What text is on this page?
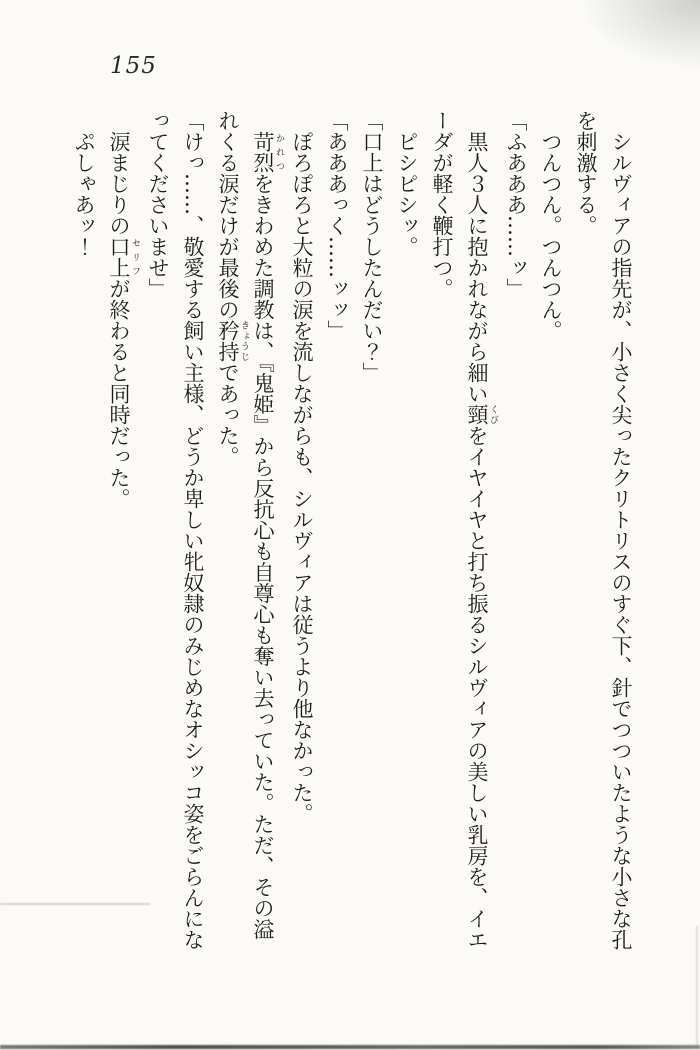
155

シルヴィアの指先が、小さく尖ったクリトリスのすぐ下、針でつついたような小さな孔を刺激する。

つんつん。つんつん。

「ふあああ……ッ」

黒人３人に抱かれながら細い頸 くびをイヤイヤと打ち振るシルヴィアの美しい乳房を、イエーダが軽く鞭打つ。

ピシピシッ。

「口上はどうしたんだい？」

「あああっく……ッッ」

ぽろぽろと大粒の涙を流しながらも、シルヴィアは従うより他なかった。

苛烈 かれつをきわめた調教は、『鬼姫』から反抗心も自尊心も奪い去っていた。ただ、その溢れくる涙だけが最後の矜持 きょうじであった。

「けっ……、敬愛する飼い主様、どうか卑しい牝奴隷のみじめなオシッコ姿をごらんになってくださいませ」

涙まじりの口上 セリフが終わると同時だった。

ぷしゃあッ！
